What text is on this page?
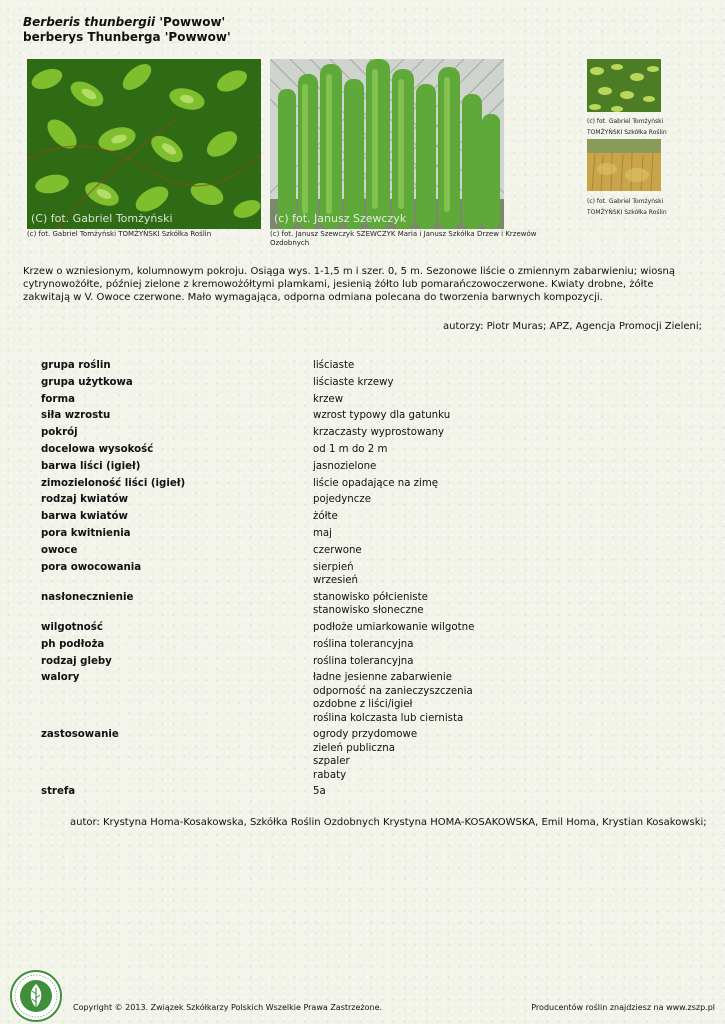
Berberis thunbergii 'Powwow'
berberys Thunberga 'Powwow'
(C) fot. Gabriel Tomżyński
(c) fot. Gabriel Tomżyński TOMŻYŃSKI Szkółka Roślin
(c) fot. Janusz Szewczyk
(c) fot. Janusz Szewczyk SZEWCZYK Maria i Janusz Szkółka Drzew i Krzewów Ozdobnych
(c) fot. Gabriel Tomżyński
TOMŻYŃSKI Szkółka Roślin
(c) fot. Gabriel Tomżyński
TOMŻYŃSKI Szkółka Roślin
Krzew o wzniesionym, kolumnowym pokroju. Osiąga wys. 1-1,5 m i szer. 0, 5 m. Sezonowe liście o zmiennym zabarwieniu; wiosną cytrynowożółte, później zielone z kremowożółtymi plamkami, jesienią żółto lub pomarańczowoczerwone. Kwiaty drobne, żółte zakwitają w V. Owoce czerwone. Mało wymagająca, odporna odmiana polecana do tworzenia barwnych kompozycji.
autorzy: Piotr Muras; APZ, Agencja Promocji Zieleni;
grupa roślin	liściaste
grupa użytkowa	liściaste krzewy
forma	krzew
siła wzrostu	wzrost typowy dla gatunku
pokrój	krzaczasty wyprostowany
docelowa wysokość	od 1 m do 2 m
barwa liści (igieł)	jasnozielone
zimozieloność liści (igieł)	liście opadające na zimę
rodzaj kwiatów	pojedyncze
barwa kwiatów	żółte
pora kwitnienia	maj
owoce	czerwone
pora owocowania	sierpień
wrzesień
nasłonecznienie	stanowisko półcieniste
stanowisko słoneczne
wilgotność	podłoże umiarkowanie wilgotne
ph podłoża	roślina tolerancyjna
rodzaj gleby	roślina tolerancyjna
walory	ładne jesienne zabarwienie
odporność na zanieczyszczenia
ozdobne z liści/igieł
roślina kolczasta lub ciernista
zastosowanie	ogrody przydomowe
zieleń publiczna
szpaler
rabaty
strefa	5a
autor: Krystyna Homa-Kosakowska, Szkółka Roślin Ozdobnych Krystyna HOMA-KOSAKOWSKA, Emil Homa, Krystian Kosakowski;
Copyright © 2013. Związek Szkółkarzy Polskich Wszelkie Prawa Zastrzeżone.	Producentów roślin znajdziesz na www.zszp.pl
